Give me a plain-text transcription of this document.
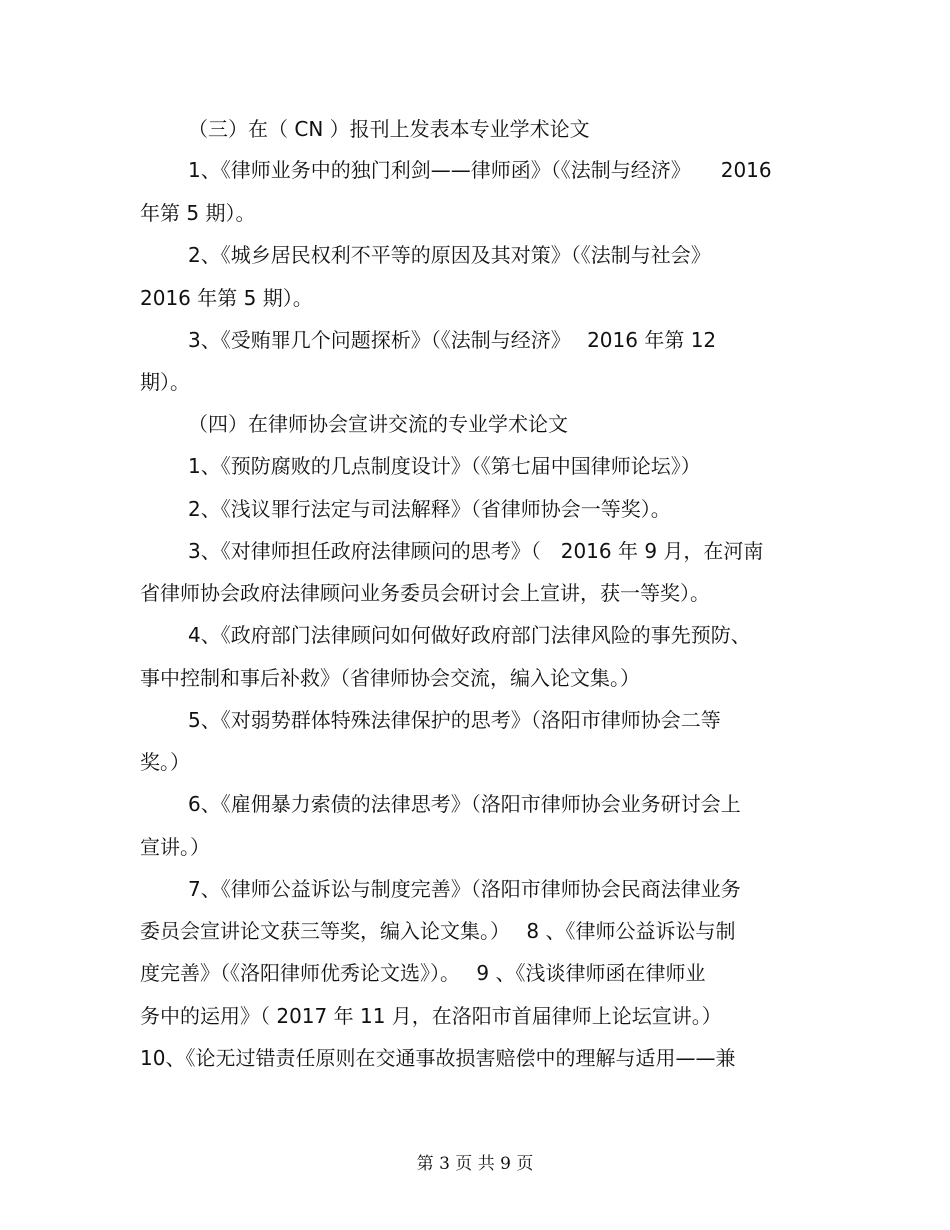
（三）在（ CN ）报刊上发表本专业学术论文
1、《律师业务中的独门利剑——律师函》（《法制与经济》　　2016
年第 5 期）。
2、《城乡居民权利不平等的原因及其对策》（《法制与社会》
2016 年第 5 期）。
3、《受贿罪几个问题探析》（《法制与经济》　 2016 年第 12
期）。
（四）在律师协会宣讲交流的专业学术论文
1、《预防腐败的几点制度设计》（《第七届中国律师论坛》）
2、《浅议罪行法定与司法解释》（省律师协会一等奖）。
3、《对律师担任政府法律顾问的思考》（　2016 年 9 月，在河南
省律师协会政府法律顾问业务委员会研讨会上宣讲，获一等奖）。
4、《政府部门法律顾问如何做好政府部门法律风险的事先预防、
事中控制和事后补救》（省律师协会交流，编入论文集。）
5、《对弱势群体特殊法律保护的思考》（洛阳市律师协会二等
奖。）
6、《雇佣暴力索债的法律思考》（洛阳市律师协会业务研讨会上
宣讲。）
7、《律师公益诉讼与制度完善》（洛阳市律师协会民商法律业务
委员会宣讲论文获三等奖，编入论文集。）　 8 、《律师公益诉讼与制
度完善》（《洛阳律师优秀论文选》）。　 9 、《浅谈律师函在律师业
务中的运用》（ 2017 年 11 月，在洛阳市首届律师上论坛宣讲。）
10、《论无过错责任原则在交通事故损害赔偿中的理解与适用——兼
第 3 页 共 9 页
